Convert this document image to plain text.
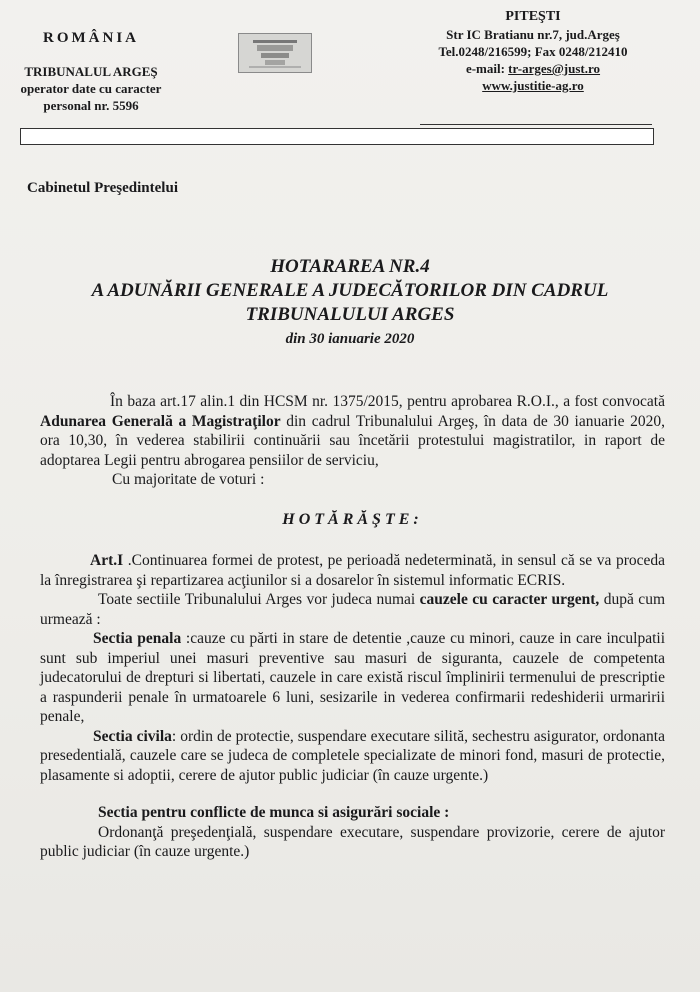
ROMÂNIA
TRIBUNALUL ARGEŞ
operator date cu caracter
personal nr. 5596
PITEŞTI
Str IC Bratianu nr.7, jud.Argeş
Tel.0248/216599; Fax 0248/212410
e-mail: tr-arges@just.ro
www.justitie-ag.ro
Cabinetul Preşedintelui
HOTARAREA NR.4
A ADUNĂRII GENERALE A JUDECĂTORILOR DIN CADRUL
TRIBUNALULUI ARGES
din 30 ianuarie 2020

În baza art.17 alin.1 din HCSM nr. 1375/2015, pentru aprobarea R.O.I., a fost convocată Adunarea Generală a Magistraţilor din cadrul Tribunalului Argeş, în data de 30 ianuarie 2020, ora 10,30, în vederea stabilirii continuării sau încetării protestului magistratilor, in raport de adoptarea Legii pentru abrogarea pensiilor de serviciu,

Cu majoritate de voturi :

HOTĂRĂŞTE:

Art.I .Continuarea formei de protest, pe perioadă nedeterminată, in sensul că se va proceda la înregistrarea şi repartizarea acţiunilor si a dosarelor în sistemul informatic ECRIS.

Toate sectiile Tribunalului Arges vor judeca numai cauzele cu caracter urgent, după cum urmează :

Sectia penala :cauze cu părti in stare de detentie ,cauze cu minori, cauze in care inculpatii sunt sub imperiul unei masuri preventive sau masuri de siguranta, cauzele de competenta judecatorului de drepturi si libertati, cauzele in care există riscul împlinirii termenului de prescriptie a raspunderii penale în urmatoarele 6 luni, sesizarile in vederea confirmarii redeshiderii urmaririi penale,

Sectia civila: ordin de protectie, suspendare executare silită, sechestru asigurator, ordonanta presedentială, cauzele care se judeca de completele specializate de minori fond, masuri de protectie, plasamente si adoptii, cerere de ajutor public judiciar (în cauze urgente.)

Sectia pentru conflicte de munca si asigurări sociale :

Ordonanţă preşedenţială, suspendare executare, suspendare provizorie, cerere de ajutor public judiciar (în cauze urgente.)
